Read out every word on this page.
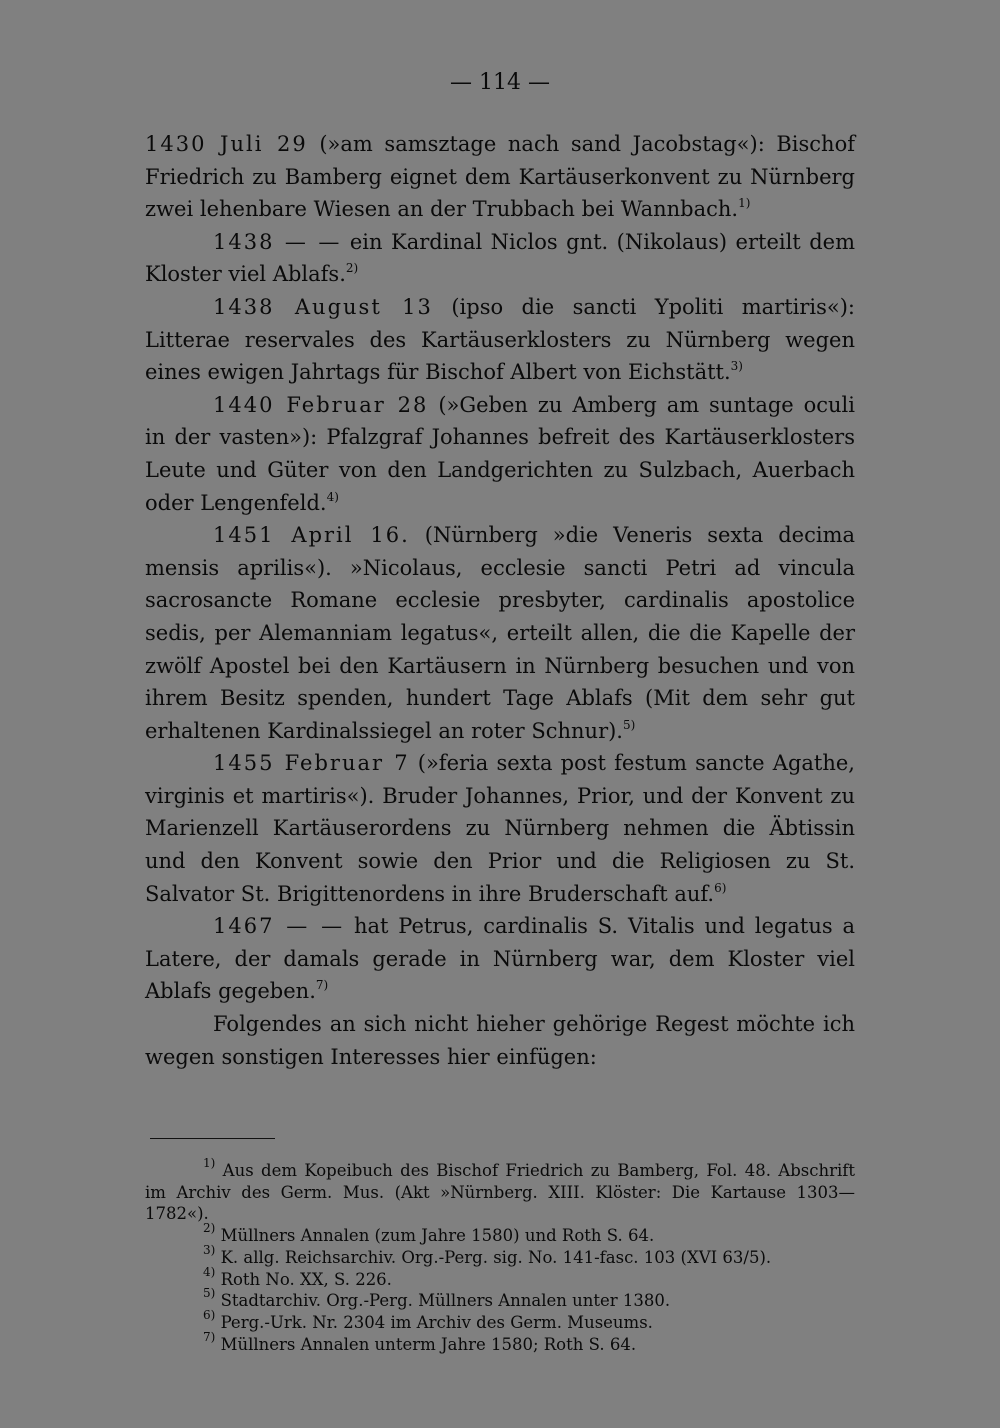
— 114 —

1430 Juli 29 (»am samsztage nach sand Jacobstag«): Bischof Friedrich zu Bamberg eignet dem Kartäuserkonvent zu Nürnberg zwei lehenbare Wiesen an der Trubbach bei Wannbach.$^{1)}$

1438 — — ein Kardinal Niclos gnt. (Nikolaus) erteilt dem Kloster viel Ablafs.$^{2)}$

1438 August 13 (ipso die sancti Ypoliti martiris«): Litterae reservales des Kartäuserklosters zu Nürnberg wegen eines ewigen Jahrtags für Bischof Albert von Eichstätt.$^{3)}$

1440 Februar 28 (»Geben zu Amberg am suntage oculi in der vasten»): Pfalzgraf Johannes befreit des Kartäuserklosters Leute und Güter von den Landgerichten zu Sulzbach, Auerbach oder Lengenfeld.$^{4)}$

1451 April 16. (Nürnberg »die Veneris sexta decima mensis aprilis«). »Nicolaus, ecclesie sancti Petri ad vincula sacrosancte Romane ecclesie presbyter, cardinalis apostolice sedis, per Alemanniam legatus«, erteilt allen, die die Kapelle der zwölf Apostel bei den Kartäusern in Nürnberg besuchen und von ihrem Besitz spenden, hundert Tage Ablafs (Mit dem sehr gut erhaltenen Kardinalssiegel an roter Schnur).$^{5)}$

1455 Februar 7 (»feria sexta post festum sancte Agathe, virginis et martiris«). Bruder Johannes, Prior, und der Konvent zu Marienzell Kartäuserordens zu Nürnberg nehmen die Äbtissin und den Konvent sowie den Prior und die Religiosen zu St. Salvator St. Brigittenordens in ihre Bruderschaft auf.$^{6)}$

1467 — — hat Petrus, cardinalis S. Vitalis und legatus a Latere, der damals gerade in Nürnberg war, dem Kloster viel Ablafs gegeben.$^{7)}$

Folgendes an sich nicht hieher gehörige Regest möchte ich wegen sonstigen Interesses hier einfügen:

$^{1)}$ Aus dem Kopeibuch des Bischof Friedrich zu Bamberg, Fol. 48. Abschrift im Archiv des Germ. Mus. (Akt »Nürnberg. XIII. Klöster: Die Kartause 1303—1782«).

$^{2)}$ Müllners Annalen (zum Jahre 1580) und Roth S. 64.

$^{3)}$ K. allg. Reichsarchiv. Org.-Perg. sig. No. 141-fasc. 103 (XVI 63/5).

$^{4)}$ Roth No. XX, S. 226.

$^{5)}$ Stadtarchiv. Org.-Perg. Müllners Annalen unter 1380.

$^{6)}$ Perg.-Urk. Nr. 2304 im Archiv des Germ. Museums.

$^{7)}$ Müllners Annalen unterm Jahre 1580; Roth S. 64.
